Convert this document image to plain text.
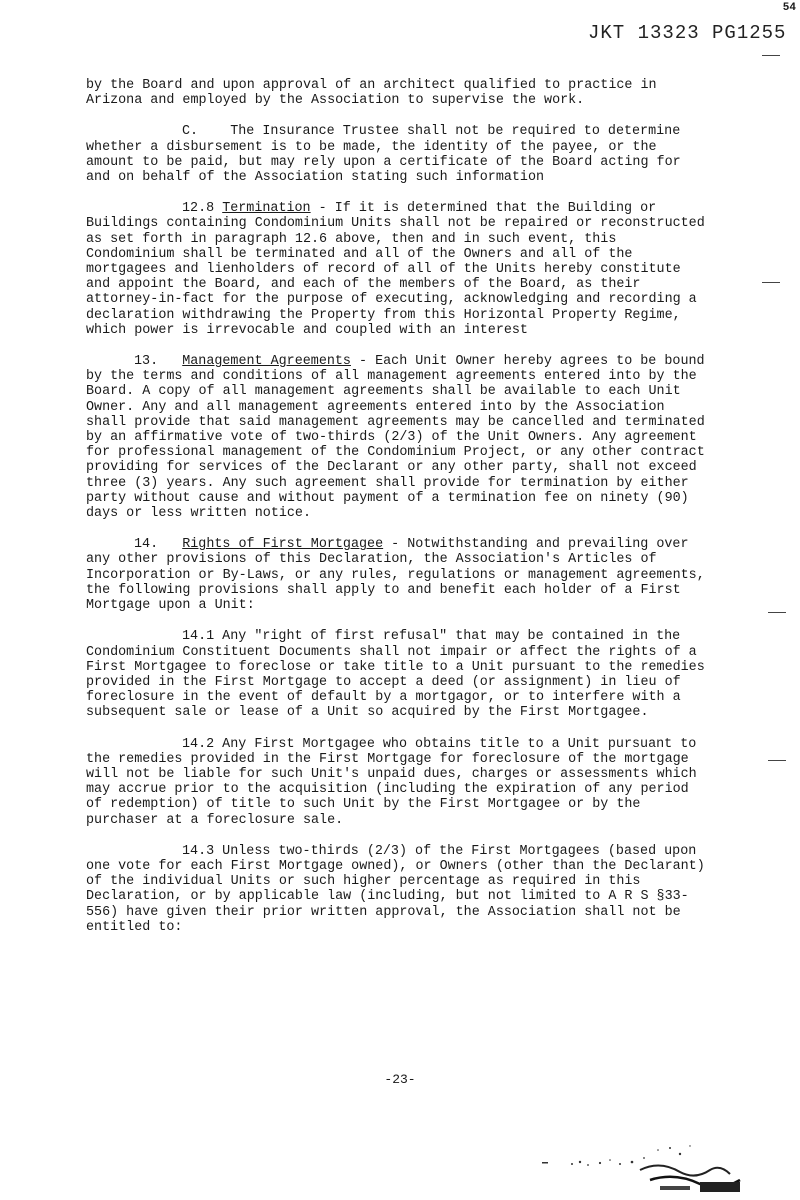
54
JKT 13323 PG1255

by the Board and upon approval of an architect qualified to practice in Arizona and employed by the Association to supervise the work.

C. The Insurance Trustee shall not be required to determine whether a disbursement is to be made, the identity of the payee, or the amount to be paid, but may rely upon a certificate of the Board acting for and on behalf of the Association stating such information

12.8 Termination - If it is determined that the Building or Buildings containing Condominium Units shall not be repaired or reconstructed as set forth in paragraph 12.6 above, then and in such event, this Condominium shall be terminated and all of the Owners and all of the mortgagees and lienholders of record of all of the Units hereby constitute and appoint the Board, and each of the members of the Board, as their attorney-in-fact for the purpose of executing, acknowledging and recording a declaration withdrawing the Property from this Horizontal Property Regime, which power is irrevocable and coupled with an interest

13. Management Agreements - Each Unit Owner hereby agrees to be bound by the terms and conditions of all management agreements entered into by the Board. A copy of all management agreements shall be available to each Unit Owner. Any and all management agreements entered into by the Association shall provide that said management agreements may be cancelled and terminated by an affirmative vote of two-thirds (2/3) of the Unit Owners. Any agreement for professional management of the Condominium Project, or any other contract providing for services of the Declarant or any other party, shall not exceed three (3) years. Any such agreement shall provide for termination by either party without cause and without payment of a termination fee on ninety (90) days or less written notice.

14. Rights of First Mortgagee - Notwithstanding and prevailing over any other provisions of this Declaration, the Association's Articles of Incorporation or By-Laws, or any rules, regulations or management agreements, the following provisions shall apply to and benefit each holder of a First Mortgage upon a Unit:

14.1 Any "right of first refusal" that may be contained in the Condominium Constituent Documents shall not impair or affect the rights of a First Mortgagee to foreclose or take title to a Unit pursuant to the remedies provided in the First Mortgage to accept a deed (or assignment) in lieu of foreclosure in the event of default by a mortgagor, or to interfere with a subsequent sale or lease of a Unit so acquired by the First Mortgagee.

14.2 Any First Mortgagee who obtains title to a Unit pursuant to the remedies provided in the First Mortgage for foreclosure of the mortgage will not be liable for such Unit's unpaid dues, charges or assessments which may accrue prior to the acquisition (including the expiration of any period of redemption) of title to such Unit by the First Mortgagee or by the purchaser at a foreclosure sale.

14.3 Unless two-thirds (2/3) of the First Mortgagees (based upon one vote for each First Mortgage owned), or Owners (other than the Declarant) of the individual Units or such higher percentage as required in this Declaration, or by applicable law (including, but not limited to A R S §33-556) have given their prior written approval, the Association shall not be entitled to:

-23-
